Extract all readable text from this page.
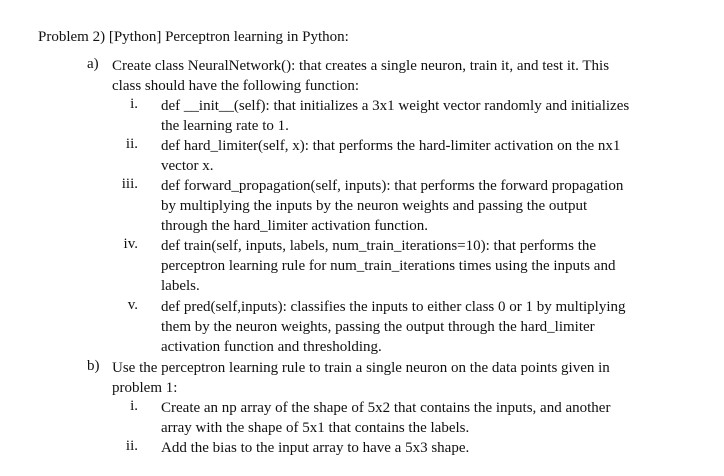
Problem 2) [Python] Perceptron learning in Python:
a) Create class NeuralNetwork(): that creates a single neuron, train it, and test it. This
class should have the following function:
i. def __init__(self): that initializes a 3x1 weight vector randomly and initializes
the learning rate to 1.
ii. def hard_limiter(self, x): that performs the hard-limiter activation on the nx1
vector x.
iii. def forward_propagation(self, inputs): that performs the forward propagation
by multiplying the inputs by the neuron weights and passing the output
through the hard_limiter activation function.
iv. def train(self, inputs, labels, num_train_iterations=10): that performs the
perceptron learning rule for num_train_iterations times using the inputs and
labels.
v. def pred(self,inputs): classifies the inputs to either class 0 or 1 by multiplying
them by the neuron weights, passing the output through the hard_limiter
activation function and thresholding.
b) Use the perceptron learning rule to train a single neuron on the data points given in
problem 1:
i. Create an np array of the shape of 5x2 that contains the inputs, and another
array with the shape of 5x1 that contains the labels.
ii. Add the bias to the input array to have a 5x3 shape.
